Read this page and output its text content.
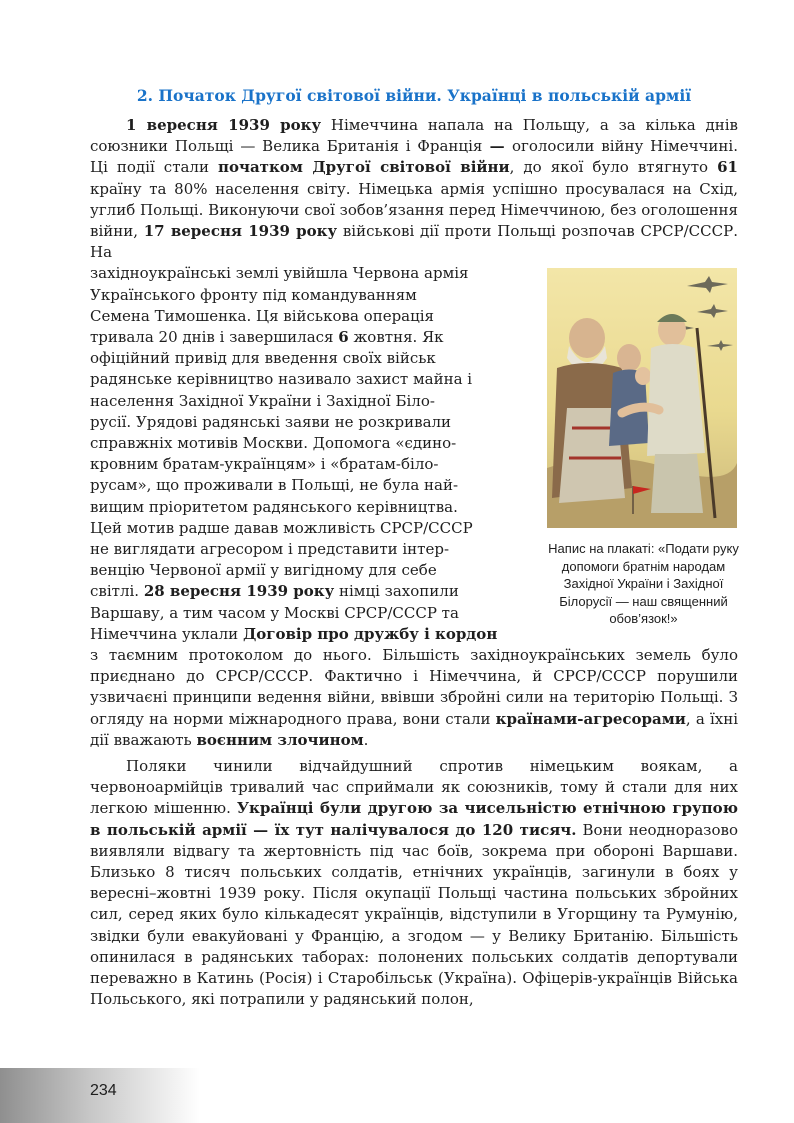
2. Початок Другої світової війни. Українці в польській армії
1 вересня 1939 року Німеччина напала на Польщу, а за кілька днів союзники Польщі — Велика Британія і Франція — оголосили війну Німеччині. Ці події стали початком Другої світової війни, до якої було втягнуто 61 країну та 80% населення світу. Німецька армія успішно просувалася на Схід, углиб Польщі. Виконуючи свої зобов’язання перед Німеччиною, без оголошення війни, 17 вересня 1939 року військові дії проти Польщі розпочав СРСР/СССР. На
західноукраїнські землі увійшла Червона армія
Українського фронту під командуванням
Семена Тимошенка. Ця військова операція
тривала 20 днів і завершилася 6 жовтня. Як
офіційний привід для введення своїх військ
радянське керівництво називало захист майна і
населення Західної України і Західної Біло-
русії. Урядові радянські заяви не розкривали
справжніх мотивів Москви. Допомога «єдино-
кровним братам-українцям» і «братам-біло-
русам», що проживали в Польщі, не була най-
вищим пріоритетом радянського керівництва.
Цей мотив радше давав можливість СРСР/СССР
не виглядати агресором і представити інтер-
венцію Червоної армії у вигідному для себе
світлі. 28 вересня 1939 року німці захопили
Варшаву, а тим часом у Москві СРСР/СССР та
Німеччина уклали Договір про дружбу і кордон
з таємним протоколом до нього. Більшість західноукраїнських земель було приєднано до СРСР/СССР. Фактично і Німеччина, й СРСР/СССР порушили узвичаєні принципи ведення війни, ввівши збройні сили на територію Польщі. З огляду на норми міжнародного права, вони стали країнами-агресорами, а їхні дії вважають воєнним злочином.
Напис на плакаті: «Подати руку допомоги братнім народам Західної України і Західної Білорусії — наш священний обов’язок!»
Поляки чинили відчайдушний спротив німецьким воякам, а червоноармійців тривалий час сприймали як союзників, тому й стали для них легкою мішенню. Українці були другою за чисельністю етнічною групою в польській армії — їх тут налічувалося до 120 тисяч. Вони неодноразово виявляли відвагу та жертовність під час боїв, зокрема при обороні Варшави. Близько 8 тисяч польських солдатів, етнічних українців, загинули в боях у вересні–жовтні 1939 року. Після окупації Польщі частина польських збройних сил, серед яких було кількадесят українців, відступили в Угорщину та Румунію, звідки були евакуйовані у Францію, а згодом — у Велику Британію. Більшість опинилася в радянських таборах: полонених польських солдатів депортували переважно в Катинь (Росія) і Старобільськ (Україна). Офіцерів-українців Війська Польського, які потрапили у радянський полон,
234
